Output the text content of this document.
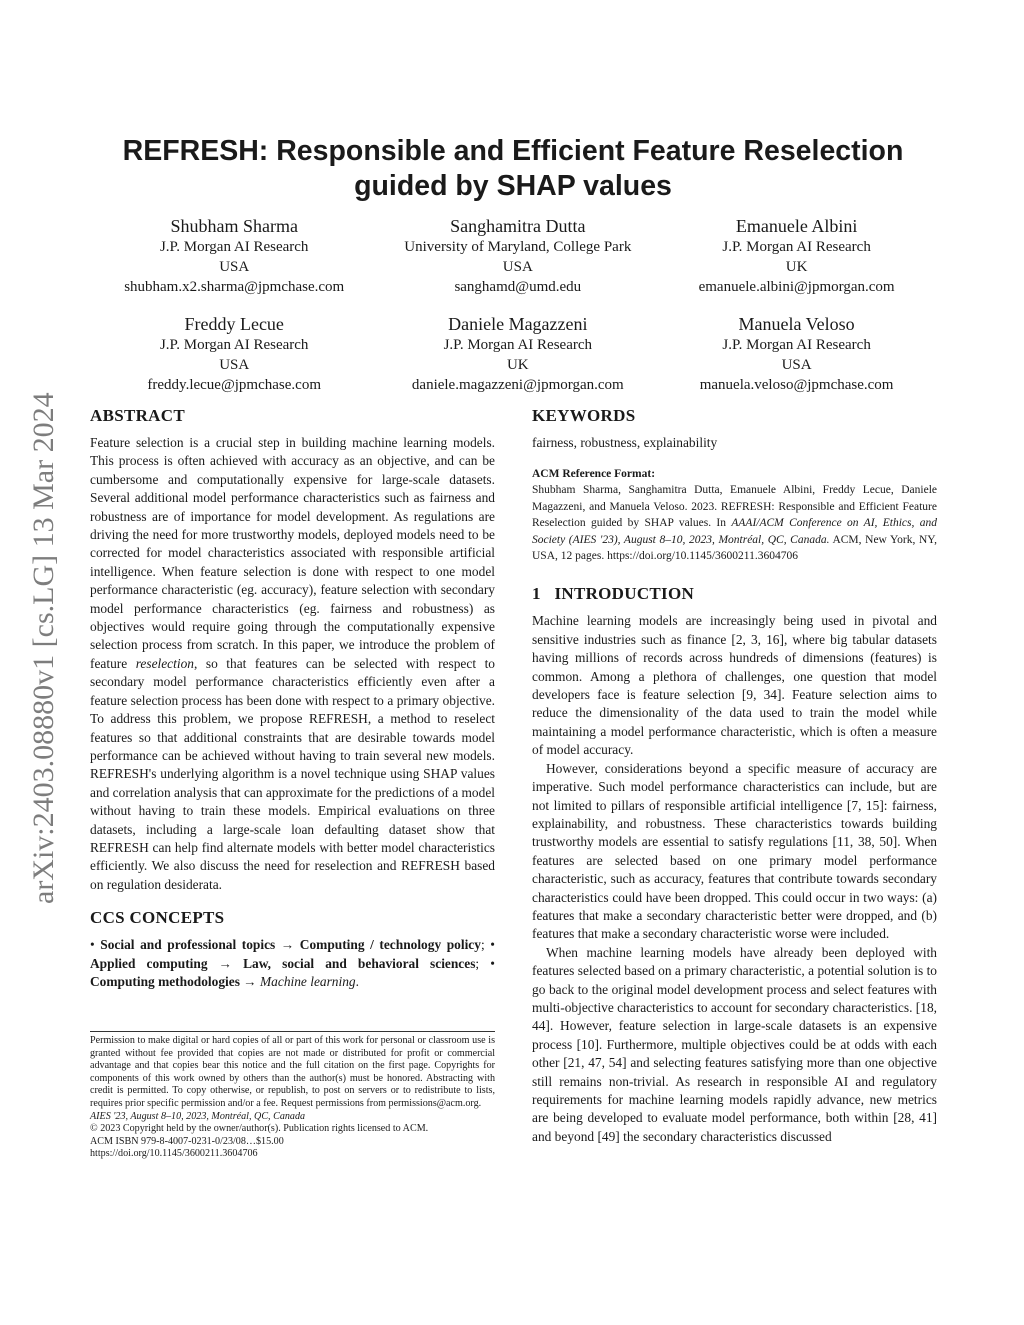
arXiv:2403.08880v1 [cs.LG] 13 Mar 2024
REFRESH: Responsible and Efficient Feature Reselection
guided by SHAP values
Shubham Sharma
J.P. Morgan AI Research
USA
shubham.x2.sharma@jpmchase.com
Sanghamitra Dutta
University of Maryland, College Park
USA
sanghamd@umd.edu
Emanuele Albini
J.P. Morgan AI Research
UK
emanuele.albini@jpmorgan.com
Freddy Lecue
J.P. Morgan AI Research
USA
freddy.lecue@jpmchase.com
Daniele Magazzeni
J.P. Morgan AI Research
UK
daniele.magazzeni@jpmorgan.com
Manuela Veloso
J.P. Morgan AI Research
USA
manuela.veloso@jpmchase.com
ABSTRACT

Feature selection is a crucial step in building machine learning models. This process is often achieved with accuracy as an objective, and can be cumbersome and computationally expensive for large-scale datasets. Several additional model performance characteristics such as fairness and robustness are of importance for model development. As regulations are driving the need for more trustworthy models, deployed models need to be corrected for model characteristics associated with responsible artificial intelligence. When feature selection is done with respect to one model performance characteristic (eg. accuracy), feature selection with secondary model performance characteristics (eg. fairness and robustness) as objectives would require going through the computationally expensive selection process from scratch. In this paper, we introduce the problem of feature reselection, so that features can be selected with respect to secondary model performance characteristics efficiently even after a feature selection process has been done with respect to a primary objective. To address this problem, we propose REFRESH, a method to reselect features so that additional constraints that are desirable towards model performance can be achieved without having to train several new models. REFRESH's underlying algorithm is a novel technique using SHAP values and correlation analysis that can approximate for the predictions of a model without having to train these models. Empirical evaluations on three datasets, including a large-scale loan defaulting dataset show that REFRESH can help find alternate models with better model characteristics efficiently. We also discuss the need for reselection and REFRESH based on regulation desiderata.

CCS CONCEPTS

• Social and professional topics → Computing / technology policy; • Applied computing → Law, social and behavioral sciences; • Computing methodologies → Machine learning.

Permission to make digital or hard copies of all or part of this work for personal or classroom use is granted without fee provided that copies are not made or distributed for profit or commercial advantage and that copies bear this notice and the full citation on the first page. Copyrights for components of this work owned by others than the author(s) must be honored. Abstracting with credit is permitted. To copy otherwise, or republish, to post on servers or to redistribute to lists, requires prior specific permission and/or a fee. Request permissions from permissions@acm.org.

AIES '23, August 8–10, 2023, Montréal, QC, Canada

© 2023 Copyright held by the owner/author(s). Publication rights licensed to ACM.

ACM ISBN 979-8-4007-0231-0/23/08…$15.00

https://doi.org/10.1145/3600211.3604706

KEYWORDS

fairness, robustness, explainability

ACM Reference Format:

Shubham Sharma, Sanghamitra Dutta, Emanuele Albini, Freddy Lecue, Daniele Magazzeni, and Manuela Veloso. 2023. REFRESH: Responsible and Efficient Feature Reselection guided by SHAP values. In AAAI/ACM Conference on AI, Ethics, and Society (AIES '23), August 8–10, 2023, Montréal, QC, Canada. ACM, New York, NY, USA, 12 pages. https://doi.org/10.1145/3600211.3604706

1   INTRODUCTION

Machine learning models are increasingly being used in pivotal and sensitive industries such as finance [2, 3, 16], where big tabular datasets having millions of records across hundreds of dimensions (features) is common. Among a plethora of challenges, one question that model developers face is feature selection [9, 34]. Feature selection aims to reduce the dimensionality of the data used to train the model while maintaining a model performance characteristic, which is often a measure of model accuracy.

However, considerations beyond a specific measure of accuracy are imperative. Such model performance characteristics can include, but are not limited to pillars of responsible artificial intelligence [7, 15]: fairness, explainability, and robustness. These characteristics towards building trustworthy models are essential to satisfy regulations [11, 38, 50]. When features are selected based on one primary model performance characteristic, such as accuracy, features that contribute towards secondary characteristics could have been dropped. This could occur in two ways: (a) features that make a secondary characteristic better were dropped, and (b) features that make a secondary characteristic worse were included.

When machine learning models have already been deployed with features selected based on a primary characteristic, a potential solution is to go back to the original model development process and select features with multi-objective characteristics to account for secondary characteristics. [18, 44]. However, feature selection in large-scale datasets is an expensive process [10]. Furthermore, multiple objectives could be at odds with each other [21, 47, 54] and selecting features satisfying more than one objective still remains non-trivial. As research in responsible AI and regulatory requirements for machine learning models rapidly advance, new metrics are being developed to evaluate model performance, both within [28, 41] and beyond [49] the secondary characteristics discussed
